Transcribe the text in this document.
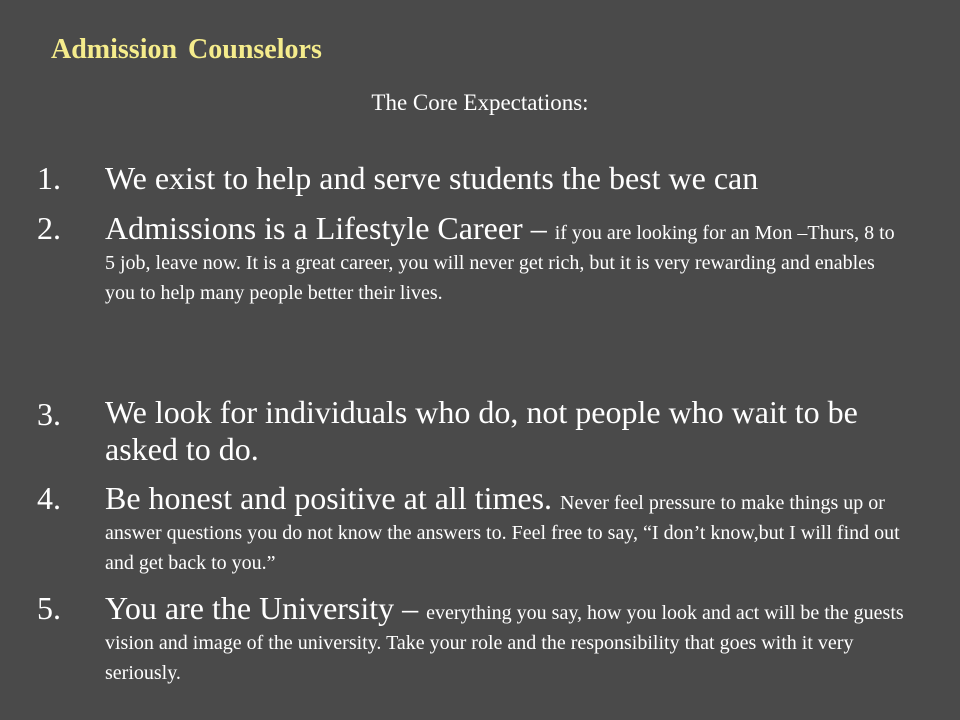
Admission Counselors
The Core Expectations:
1.	We exist to help and serve students the best we can
2.	Admissions is a Lifestyle Career – if you are looking for an Mon –Thurs, 8 to 5 job, leave now. It is a great career, you will never get rich, but it is very rewarding and enables you to help many people better their lives.
3.	We look for individuals who do, not people who wait to be asked to do.
4.	Be honest and positive at all times. Never feel pressure to make things up or answer questions you do not know the answers to. Feel free to say, “I don’t know,but I will find out and get back to you.”
5.	You are the University – everything you say, how you look and act will be the guests vision and image of the university. Take your role and the responsibility that goes with it very seriously.
